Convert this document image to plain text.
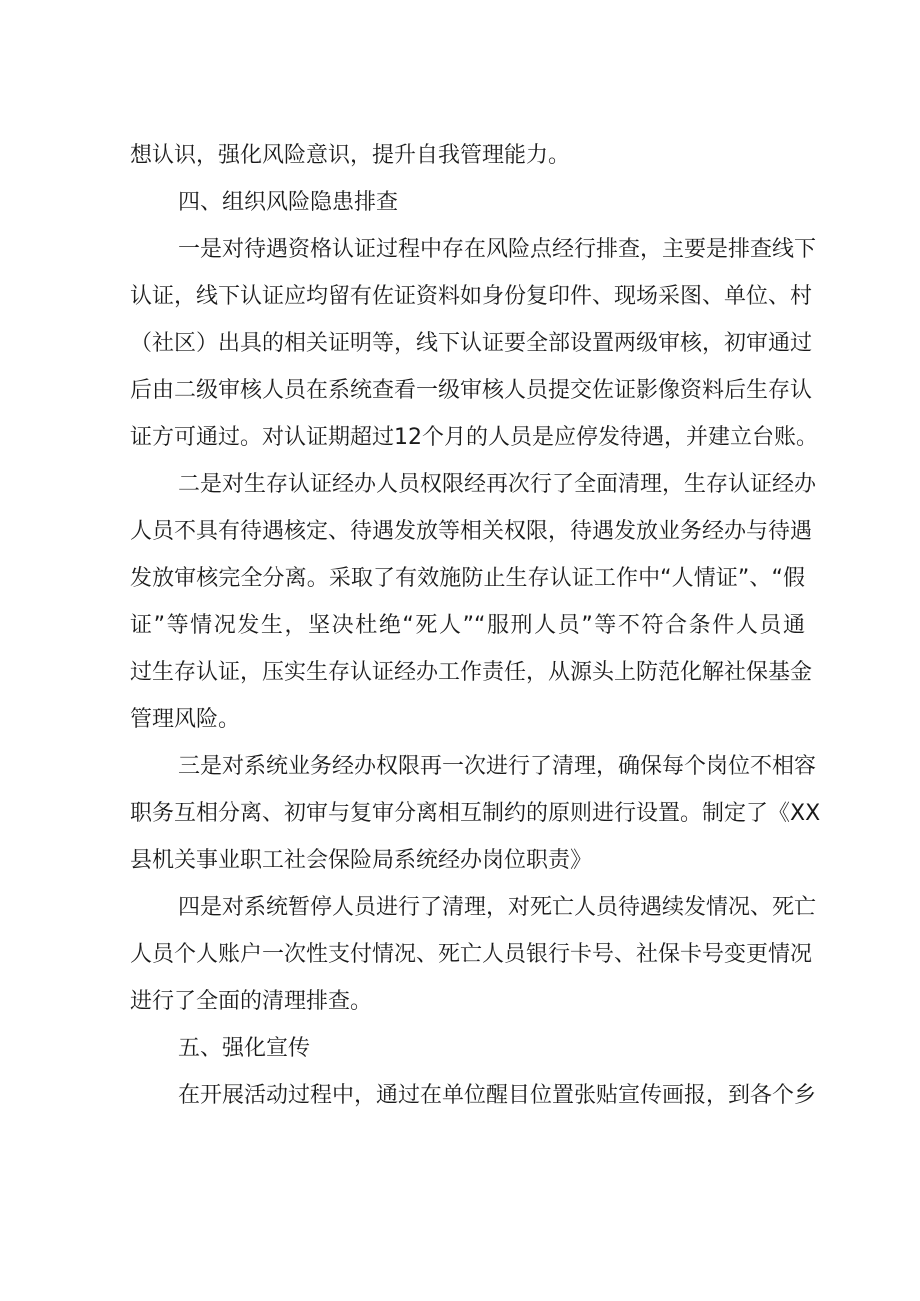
想认识，强化风险意识，提升自我管理能力。
四、组织风险隐患排查
一是对待遇资格认证过程中存在风险点经行排查，主要是排查线下
认证，线下认证应均留有佐证资料如身份复印件、现场采图、单位、村
（社区）出具的相关证明等，线下认证要全部设置两级审核，初审通过
后由二级审核人员在系统查看一级审核人员提交佐证影像资料后生存认
证方可通过。对认证期超过12个月的人员是应停发待遇，并建立台账。
二是对生存认证经办人员权限经再次行了全面清理，生存认证经办
人员不具有待遇核定、待遇发放等相关权限，待遇发放业务经办与待遇
发放审核完全分离。采取了有效施防止生存认证工作中“人情证”、“假
证”等情况发生，坚决杜绝“死人”“服刑人员”等不符合条件人员通
过生存认证，压实生存认证经办工作责任，从源头上防范化解社保基金
管理风险。
三是对系统业务经办权限再一次进行了清理，确保每个岗位不相容
职务互相分离、初审与复审分离相互制约的原则进行设置。制定了《XX
县机关事业职工社会保险局系统经办岗位职责》
四是对系统暂停人员进行了清理，对死亡人员待遇续发情况、死亡
人员个人账户一次性支付情况、死亡人员银行卡号、社保卡号变更情况
进行了全面的清理排查。
五、强化宣传
在开展活动过程中，通过在单位醒目位置张贴宣传画报，到各个乡
